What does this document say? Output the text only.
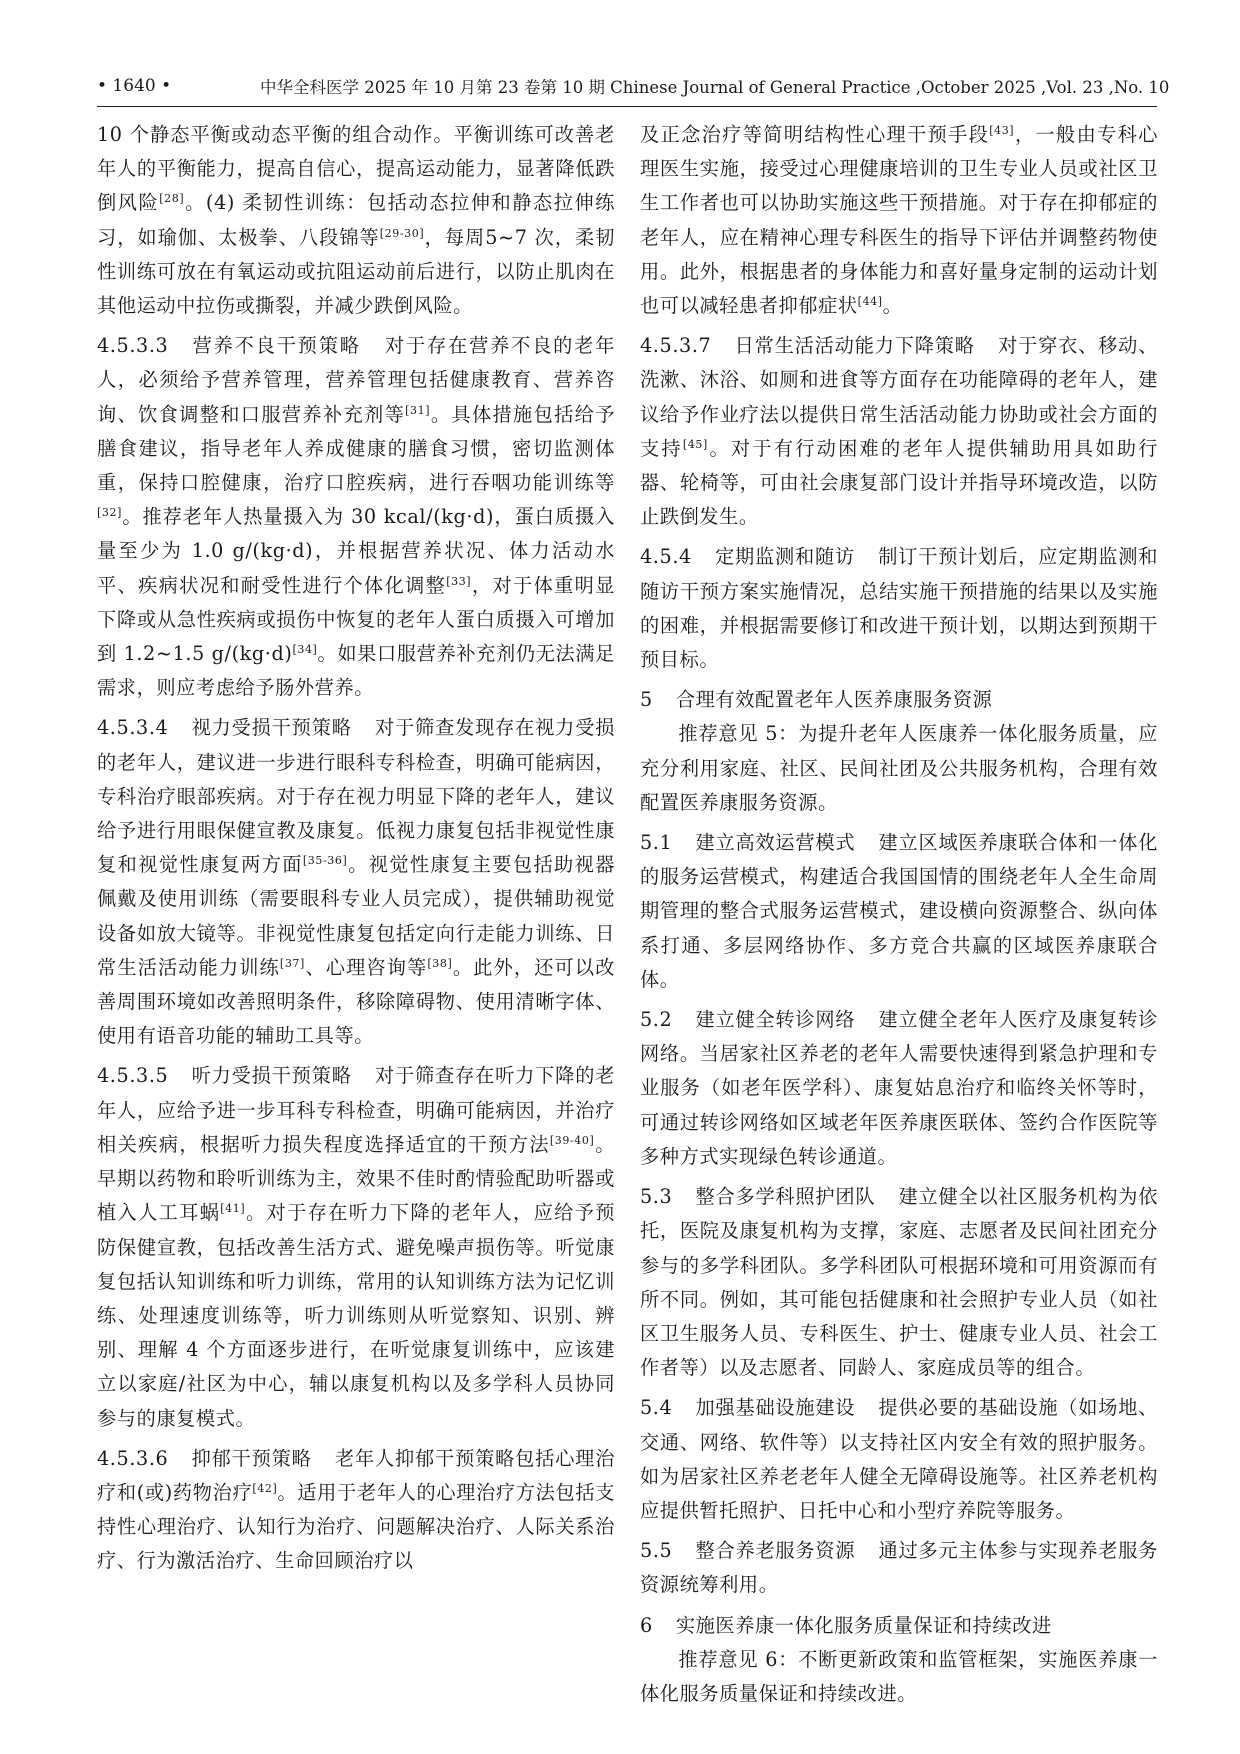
• 1640 •	中华全科医学 2025 年 10 月第 23 卷第 10 期 Chinese Journal of General Practice ,October 2025 ,Vol. 23 ,No. 10

10 个静态平衡或动态平衡的组合动作。平衡训练可改善老年人的平衡能力，提高自信心，提高运动能力，显著降低跌倒风险[28]。(4) 柔韧性训练：包括动态拉伸和静态拉伸练习，如瑜伽、太极拳、八段锦等[29-30]，每周5~7 次，柔韧性训练可放在有氧运动或抗阻运动前后进行，以防止肌肉在其他运动中拉伤或撕裂，并减少跌倒风险。

4.5.3.3 营养不良干预策略 对于存在营养不良的老年人，必须给予营养管理，营养管理包括健康教育、营养咨询、饮食调整和口服营养补充剂等[31]。具体措施包括给予膳食建议，指导老年人养成健康的膳食习惯，密切监测体重，保持口腔健康，治疗口腔疾病，进行吞咽功能训练等[32]。推荐老年人热量摄入为 30 kcal/(kg·d)，蛋白质摄入量至少为 1.0 g/(kg·d)，并根据营养状况、体力活动水平、疾病状况和耐受性进行个体化调整[33]，对于体重明显下降或从急性疾病或损伤中恢复的老年人蛋白质摄入可增加到 1.2~1.5 g/(kg·d)[34]。如果口服营养补充剂仍无法满足需求，则应考虑给予肠外营养。

4.5.3.4 视力受损干预策略 对于筛查发现存在视力受损的老年人，建议进一步进行眼科专科检查，明确可能病因，专科治疗眼部疾病。对于存在视力明显下降的老年人，建议给予进行用眼保健宣教及康复。低视力康复包括非视觉性康复和视觉性康复两方面[35-36]。视觉性康复主要包括助视器佩戴及使用训练（需要眼科专业人员完成），提供辅助视觉设备如放大镜等。非视觉性康复包括定向行走能力训练、日常生活活动能力训练[37]、心理咨询等[38]。此外，还可以改善周围环境如改善照明条件，移除障碍物、使用清晰字体、使用有语音功能的辅助工具等。

4.5.3.5 听力受损干预策略 对于筛查存在听力下降的老年人，应给予进一步耳科专科检查，明确可能病因，并治疗相关疾病，根据听力损失程度选择适宜的干预方法[39-40]。早期以药物和聆听训练为主，效果不佳时酌情验配助听器或植入人工耳蜗[41]。对于存在听力下降的老年人，应给予预防保健宣教，包括改善生活方式、避免噪声损伤等。听觉康复包括认知训练和听力训练，常用的认知训练方法为记忆训练、处理速度训练等，听力训练则从听觉察知、识别、辨别、理解 4 个方面逐步进行，在听觉康复训练中，应该建立以家庭/社区为中心，辅以康复机构以及多学科人员协同参与的康复模式。

4.5.3.6 抑郁干预策略 老年人抑郁干预策略包括心理治疗和(或)药物治疗[42]。适用于老年人的心理治疗方法包括支持性心理治疗、认知行为治疗、问题解决治疗、人际关系治疗、行为激活治疗、生命回顾治疗以

及正念治疗等简明结构性心理干预手段[43]，一般由专科心理医生实施，接受过心理健康培训的卫生专业人员或社区卫生工作者也可以协助实施这些干预措施。对于存在抑郁症的老年人，应在精神心理专科医生的指导下评估并调整药物使用。此外，根据患者的身体能力和喜好量身定制的运动计划也可以减轻患者抑郁症状[44]。

4.5.3.7 日常生活活动能力下降策略 对于穿衣、移动、洗漱、沐浴、如厕和进食等方面存在功能障碍的老年人，建议给予作业疗法以提供日常生活活动能力协助或社会方面的支持[45]。对于有行动困难的老年人提供辅助用具如助行器、轮椅等，可由社会康复部门设计并指导环境改造，以防止跌倒发生。

4.5.4 定期监测和随访 制订干预计划后，应定期监测和随访干预方案实施情况，总结实施干预措施的结果以及实施的困难，并根据需要修订和改进干预计划，以期达到预期干预目标。

5 合理有效配置老年人医养康服务资源

推荐意见 5：为提升老年人医康养一体化服务质量，应充分利用家庭、社区、民间社团及公共服务机构，合理有效配置医养康服务资源。

5.1 建立高效运营模式 建立区域医养康联合体和一体化的服务运营模式，构建适合我国国情的围绕老年人全生命周期管理的整合式服务运营模式，建设横向资源整合、纵向体系打通、多层网络协作、多方竞合共赢的区域医养康联合体。

5.2 建立健全转诊网络 建立健全老年人医疗及康复转诊网络。当居家社区养老的老年人需要快速得到紧急护理和专业服务（如老年医学科）、康复姑息治疗和临终关怀等时，可通过转诊网络如区域老年医养康医联体、签约合作医院等多种方式实现绿色转诊通道。

5.3 整合多学科照护团队 建立健全以社区服务机构为依托，医院及康复机构为支撑，家庭、志愿者及民间社团充分参与的多学科团队。多学科团队可根据环境和可用资源而有所不同。例如，其可能包括健康和社会照护专业人员（如社区卫生服务人员、专科医生、护士、健康专业人员、社会工作者等）以及志愿者、同龄人、家庭成员等的组合。

5.4 加强基础设施建设 提供必要的基础设施（如场地、交通、网络、软件等）以支持社区内安全有效的照护服务。如为居家社区养老老年人健全无障碍设施等。社区养老机构应提供暂托照护、日托中心和小型疗养院等服务。

5.5 整合养老服务资源 通过多元主体参与实现养老服务资源统筹利用。

6 实施医养康一体化服务质量保证和持续改进

推荐意见 6：不断更新政策和监管框架，实施医养康一体化服务质量保证和持续改进。
